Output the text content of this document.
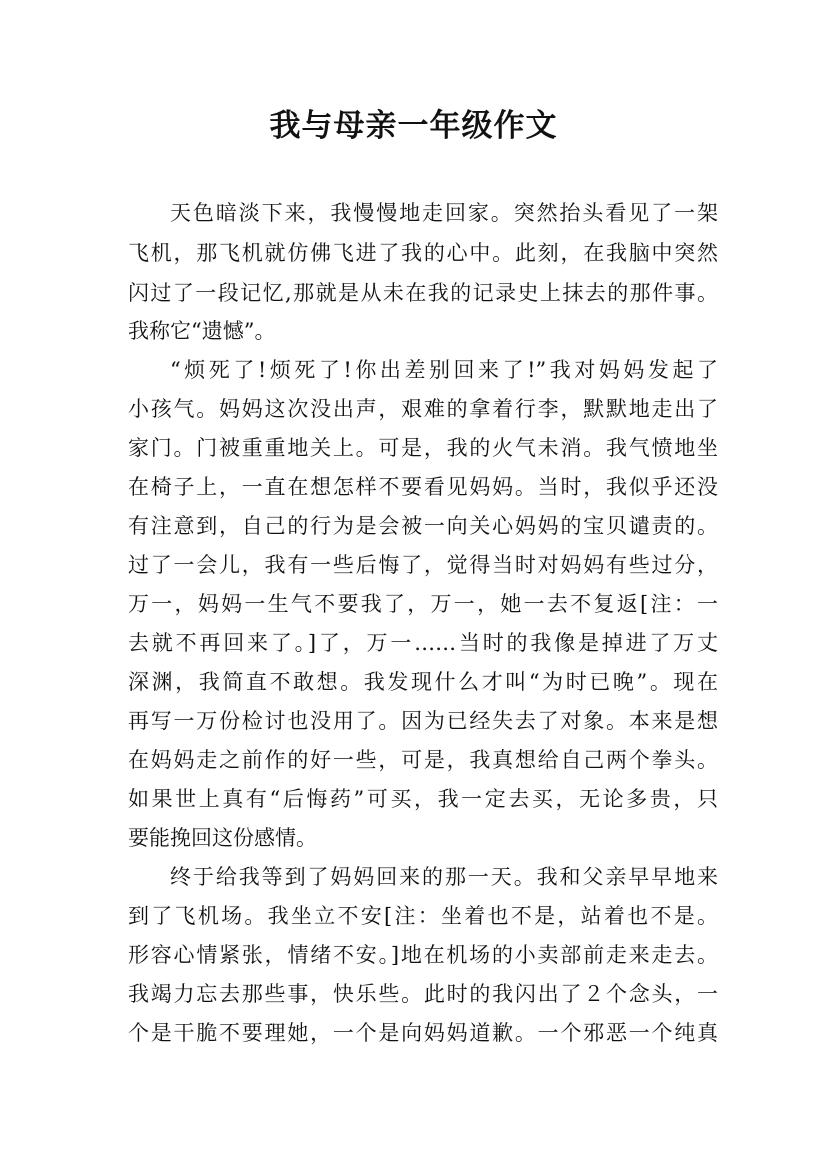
我与母亲一年级作文
天色暗淡下来，我慢慢地走回家。突然抬头看见了一架
飞机，那飞机就仿佛飞进了我的心中。此刻，在我脑中突然
闪过了一段记忆,那就是从未在我的记录史上抹去的那件事。
我称它“遗憾”。
“烦死了!烦死了!你出差别回来了!”我对妈妈发起了
小孩气。妈妈这次没出声，艰难的拿着行李，默默地走出了
家门。门被重重地关上。可是，我的火气未消。我气愤地坐
在椅子上，一直在想怎样不要看见妈妈。当时，我似乎还没
有注意到，自己的行为是会被一向关心妈妈的宝贝谴责的。
过了一会儿，我有一些后悔了，觉得当时对妈妈有些过分，
万一，妈妈一生气不要我了，万一，她一去不复返[注：一
去就不再回来了。]了，万一……当时的我像是掉进了万丈
深渊，我简直不敢想。我发现什么才叫“为时已晚”。现在
再写一万份检讨也没用了。因为已经失去了对象。本来是想
在妈妈走之前作的好一些，可是，我真想给自己两个拳头。
如果世上真有“后悔药”可买，我一定去买，无论多贵，只
要能挽回这份感情。
终于给我等到了妈妈回来的那一天。我和父亲早早地来
到了飞机场。我坐立不安[注：坐着也不是，站着也不是。
形容心情紧张，情绪不安。]地在机场的小卖部前走来走去。
我竭力忘去那些事，快乐些。此时的我闪出了２个念头，一
个是干脆不要理她，一个是向妈妈道歉。一个邪恶一个纯真
